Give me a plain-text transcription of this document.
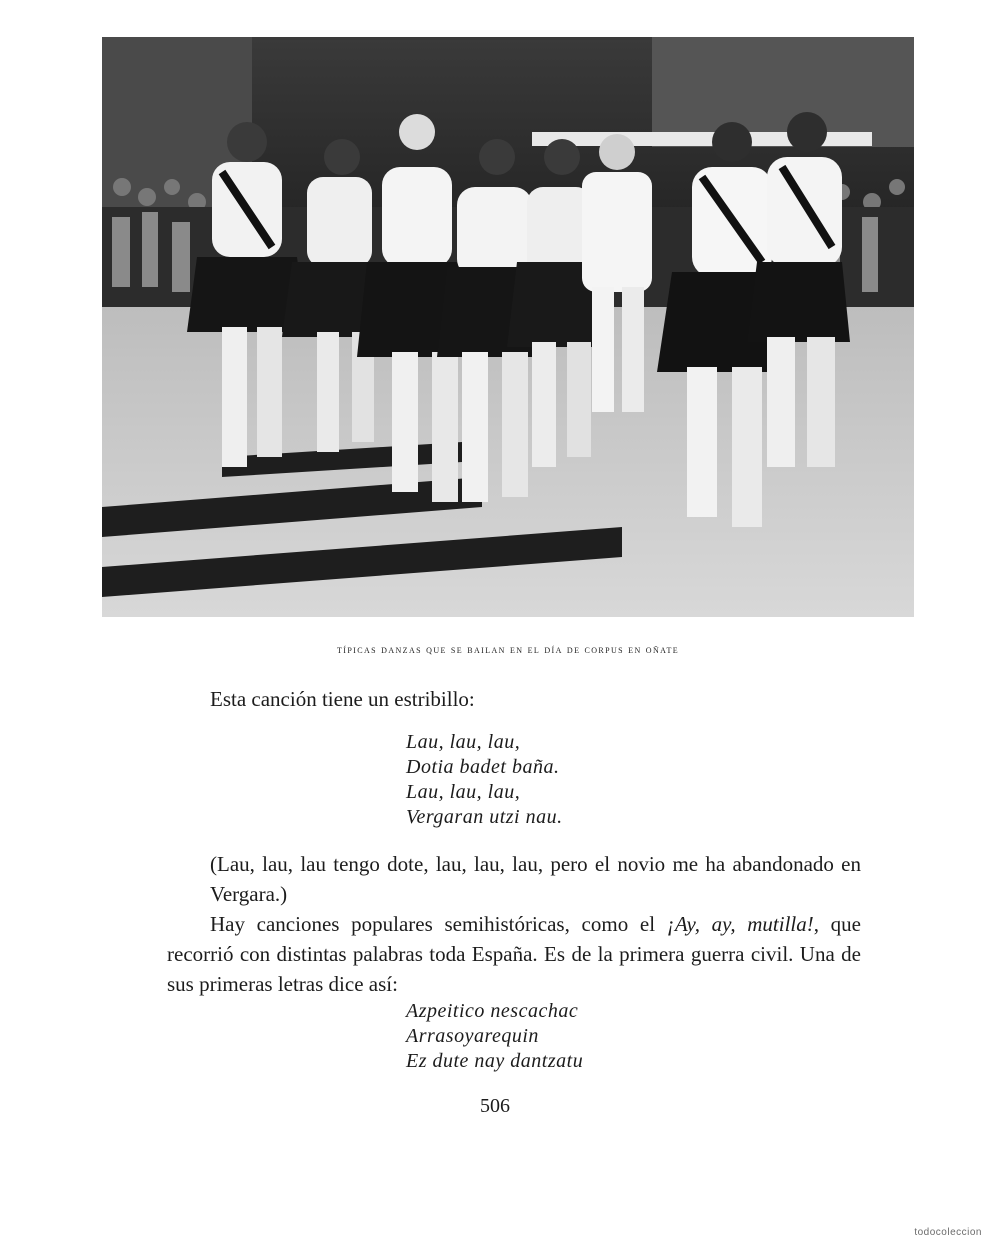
típicas danzas que se bailan en el día de corpus en oñate
Esta canción tiene un estribillo:
Lau, lau, lau,
Dotia badet baña.
Lau, lau, lau,
Vergaran utzi nau.
(Lau, lau, lau tengo dote, lau, lau, lau, pero el novio me ha abandonado en Vergara.)
Hay canciones populares semihistóricas, como el ¡Ay, ay, mutilla!, que recorrió con distintas palabras toda España. Es de la primera guerra civil. Una de sus primeras letras dice así:
Azpeitico nescachac
Arrasoyarequin
Ez dute nay dantzatu
506
todocoleccion
